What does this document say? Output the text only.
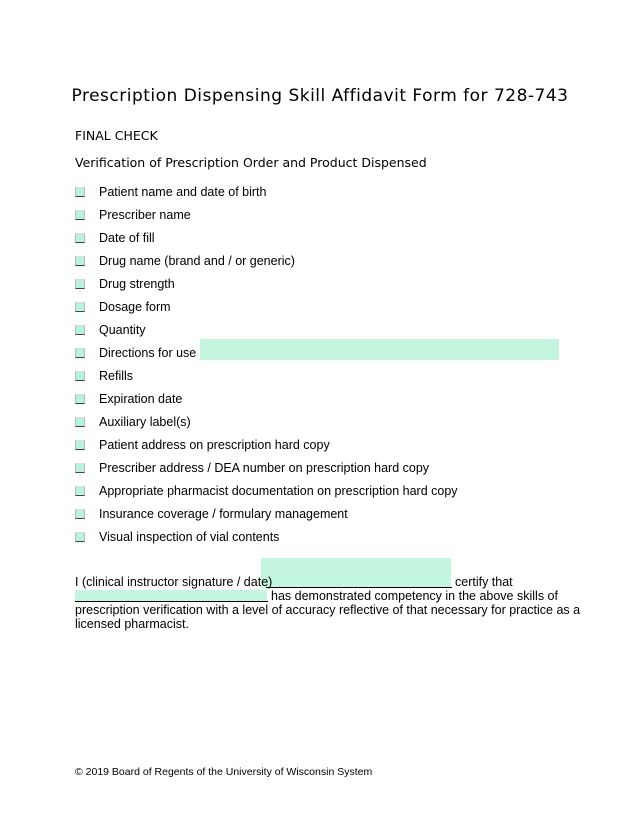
Prescription Dispensing Skill Affidavit Form for 728-743

FINAL CHECK

Verification of Prescription Order and Product Dispensed

Patient name and date of birth
Prescriber name
Date of fill
Drug name (brand and / or generic)
Drug strength
Dosage form
Quantity
Directions for use
Refills
Expiration date
Auxiliary label(s)
Patient address on prescription hard copy
Prescriber address / DEA number on prescription hard copy
Appropriate pharmacist documentation on prescription hard copy
Insurance coverage / formulary management
Visual inspection of vial contents
I (clinical instructor signature / date)	certify that
has demonstrated competency in the above skills of
prescription verification with a level of accuracy reflective of that necessary for practice as a
licensed pharmacist.

© 2019 Board of Regents of the University of Wisconsin System
